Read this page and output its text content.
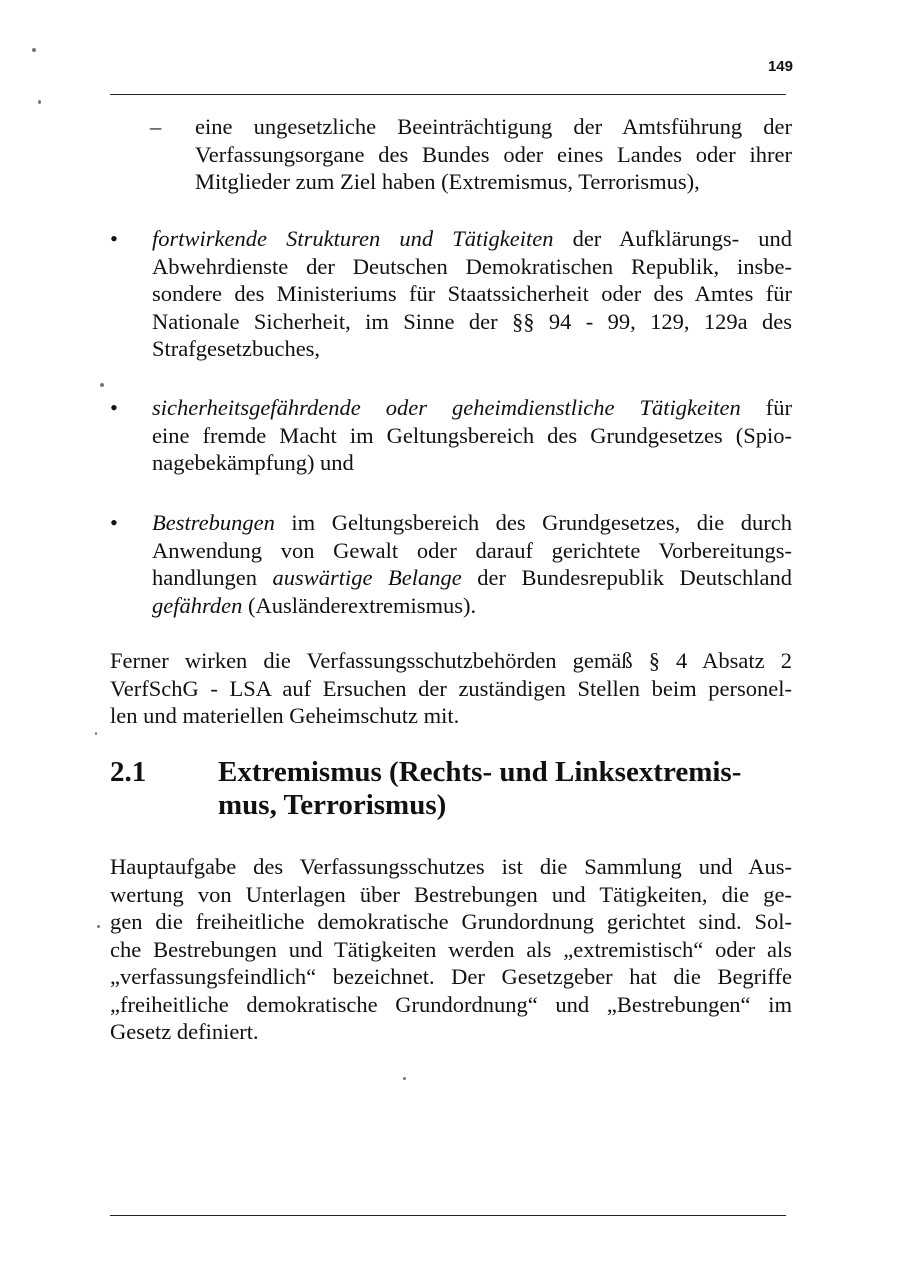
149
– eine ungesetzliche Beeinträchtigung der Amtsführung der
Verfassungsorgane des Bundes oder eines Landes oder ihrer
Mitglieder zum Ziel haben (Extremismus, Terrorismus),
• fortwirkende Strukturen und Tätigkeiten der Aufklärungs- und
Abwehrdienste der Deutschen Demokratischen Republik, insbe-
sondere des Ministeriums für Staatssicherheit oder des Amtes für
Nationale Sicherheit, im Sinne der §§ 94 - 99, 129, 129a des
Strafgesetzbuches,
• sicherheitsgefährdende oder geheimdienstliche Tätigkeiten für
eine fremde Macht im Geltungsbereich des Grundgesetzes (Spio-
nagebekämpfung) und
• Bestrebungen im Geltungsbereich des Grundgesetzes, die durch
Anwendung von Gewalt oder darauf gerichtete Vorbereitungs-
handlungen auswärtige Belange der Bundesrepublik Deutschland
gefährden (Ausländerextremismus).
Ferner wirken die Verfassungsschutzbehörden gemäß § 4 Absatz 2
VerfSchG - LSA auf Ersuchen der zuständigen Stellen beim personel-
len und materiellen Geheimschutz mit.
2.1 Extremismus (Rechts- und Linksextremis-
mus, Terrorismus)
Hauptaufgabe des Verfassungsschutzes ist die Sammlung und Aus-
wertung von Unterlagen über Bestrebungen und Tätigkeiten, die ge-
gen die freiheitliche demokratische Grundordnung gerichtet sind. Sol-
che Bestrebungen und Tätigkeiten werden als „extremistisch“ oder als
„verfassungsfeindlich“ bezeichnet. Der Gesetzgeber hat die Begriffe
„freiheitliche demokratische Grundordnung“ und „Bestrebungen“ im
Gesetz definiert.
